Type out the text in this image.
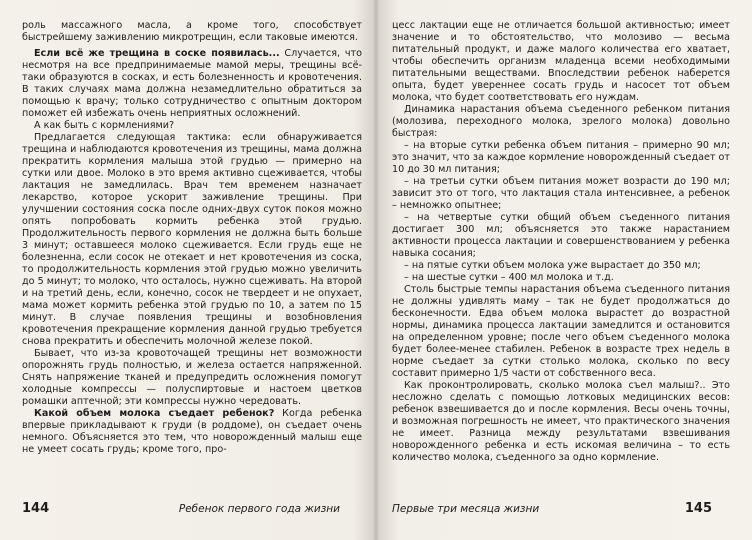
роль массажного масла, а кроме того, способствует быстрейшему заживлению микротрещин, если таковые имеются.

Если всё же трещина в соске появилась... Случается, что несмотря на все предпринимаемые мамой меры, трещины всё-таки образуются в сосках, и есть болезненность и кровотечения. В таких случаях мама должна незамедлительно обратиться за помощью к врачу; только сотрудничество с опытным доктором поможет ей избежать очень неприятных осложнений.

А как быть с кормлениями?

Предлагается следующая тактика: если обнаруживается трещина и наблюдаются кровотечения из трещины, мама должна прекратить кормления малыша этой грудью — примерно на сутки или двое. Молоко в это время активно сцеживается, чтобы лактация не замедлилась. Врач тем временем назначает лекарство, которое ускорит заживление трещины. При улучшении состояния соска после одних-двух суток покоя можно опять попробовать кормить ребенка этой грудью. Продолжительность первого кормления не должна быть больше 3 минут; оставшееся молоко сцеживается. Если грудь еще не болезненна, если сосок не отекает и нет кровотечения из соска, то продолжительность кормления этой грудью можно увеличить до 5 минут; то молоко, что осталось, нужно сцеживать. На второй и на третий день, если, конечно, сосок не твердеет и не опухает, мама может кормить ребенка этой грудью по 10, а затем по 15 минут. В случае появления трещины и возобновления кровотечения прекращение кормления данной грудью требуется снова прекратить и обеспечить молочной железе покой.

Бывает, что из-за кровоточащей трещины нет возможности опорожнять грудь полностью, и железа остается напряженной. Снять напряжение тканей и предупредить осложнения помогут холодные компрессы — полуспиртовые и настоем цветков ромашки аптечной; эти компрессы нужно чередовать.

Какой объем молока съедает ребенок? Когда ребенка впервые прикладывают к груди (в роддоме), он съедает очень немного. Объясняется это тем, что новорожденный малыш еще не умеет сосать грудь; кроме того, про-

144	Ребенок первого года жизни

цесс лактации еще не отличается большой активностью; имеет значение и то обстоятельство, что молозиво — весьма питательный продукт, и даже малого количества его хватает, чтобы обеспечить организм младенца всеми необходимыми питательными веществами. Впоследствии ребенок наберется опыта, будет увереннее сосать грудь и насосет тот объем молока, что будет соответствовать его нуждам.

Динамика нарастания объема съеденного ребенком питания (молозива, переходного молока, зрелого молока) довольно быстрая:

– на вторые сутки ребенка объем питания – примерно 90 мл; это значит, что за каждое кормление новорожденный съедает от 10 до 30 мл питания;

– на третьи сутки объем питания может возрасти до 190 мл; зависит это от того, что лактация стала интенсивнее, а ребенок – немножко опытнее;

– на четвертые сутки общий объем съеденного питания достигает 300 мл; объясняется это также нарастанием активности процесса лактации и совершенствованием у ребенка навыка сосания;

– на пятые сутки объем молока уже вырастает до 350 мл;

– на шестые сутки – 400 мл молока и т.д.

Столь быстрые темпы нарастания объема съеденного питания не должны удивлять маму – так не будет продолжаться до бесконечности. Едва объем молока вырастет до возрастной нормы, динамика процесса лактации замедлится и остановится на определенном уровне; после чего объем съеденного молока будет более-менее стабилен. Ребенок в возрасте трех недель в норме съедает за сутки столько молока, сколько по весу составит примерно 1/5 части от собственного веса.

Как проконтролировать, сколько молока съел малыш?.. Это несложно сделать с помощью лотковых медицинских весов: ребенок взвешивается до и после кормления. Весы очень точны, и возможная погрешность не имеет, что практического значения не имеет. Разница между результатами взвешивания новорожденного ребенка и есть искомая величина – то есть количество молока, съеденного за одно кормление.

Первые три месяца жизни	145
